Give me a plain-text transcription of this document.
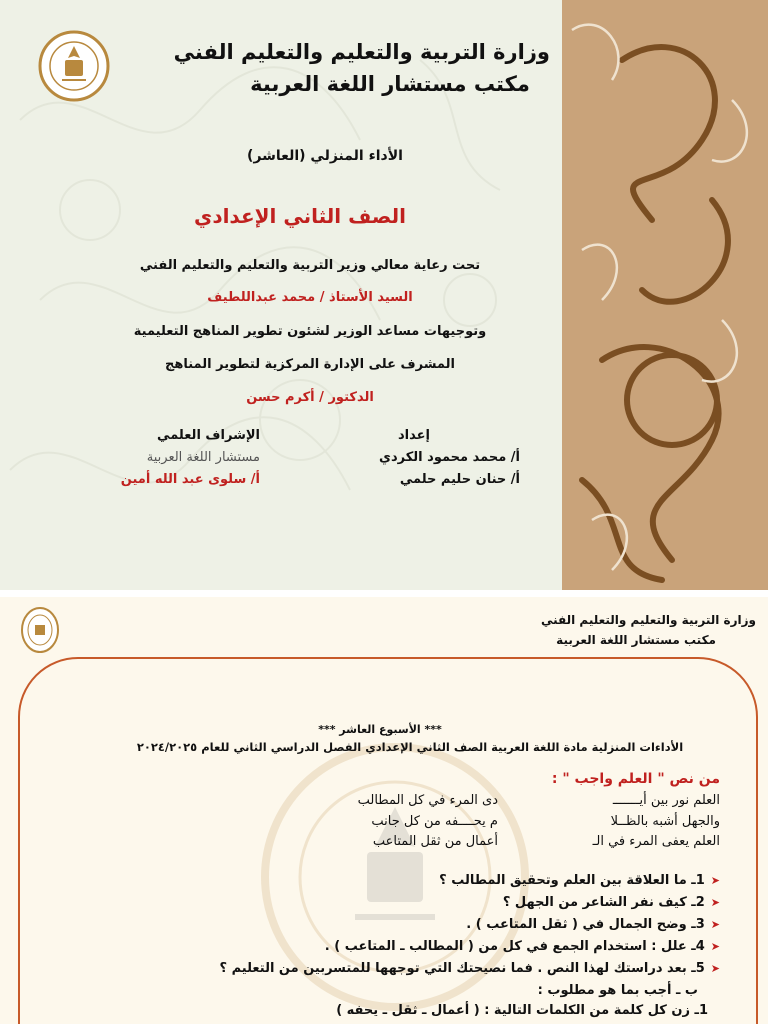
وزارة التربية والتعليم والتعليم الفني
مكتب مستشار اللغة العربية
الأداء المنزلي (العاشر)
الصف الثاني الإعدادي
تحت رعاية معالي وزير التربية والتعليم والتعليم الفني
السيد الأستاذ / محمد عبداللطيف
وتوجيهات مساعد الوزير لشئون تطوير المناهج التعليمية
المشرف على الإدارة المركزية لتطوير المناهج
الدكتور / أكرم حسن
إعداد
أ/ محمد محمود الكردي
أ/ حنان حليم حلمي
الإشراف العلمي
مستشار اللغة العربية
أ/ سلوى عبد الله أمين
وزارة التربية والتعليم والتعليم الفني
مكتب مستشار اللغة العربية
*** الأسبوع العاشر ***
الأداءات المنزلية مادة اللغة العربية الصف الثاني الإعدادي الفصل الدراسي الثاني للعام ٢٠٢٤/٢٠٢٥
من نص " العلم واجب " :
العلم نور بين أيـــــــ
دى المرء في كل المطالب
والجهل أشبه بالظــلا
م يحــــفه من كل جانب
العلم يعفى المرء في الـ
أعمال من ثقل المتاعب
➤1ـ ما العلاقة بين العلم وتحقيق المطالب ؟
➤2ـ كيف نفر الشاعر من الجهل ؟
➤3ـ وضح الجمال في ( ثقل المتاعب ) .
➤4ـ علل : استخدام الجمع في كل من ( المطالب ـ المتاعب ) .
➤5ـ بعد دراستك لهذا النص . فما نصيحتك التي توجهها للمتسربين من التعليم ؟
ب ـ أجب بما هو مطلوب :
1ـ زن كل كلمة من الكلمات التالية : ( أعمال ـ ثقل ـ يحفه )
